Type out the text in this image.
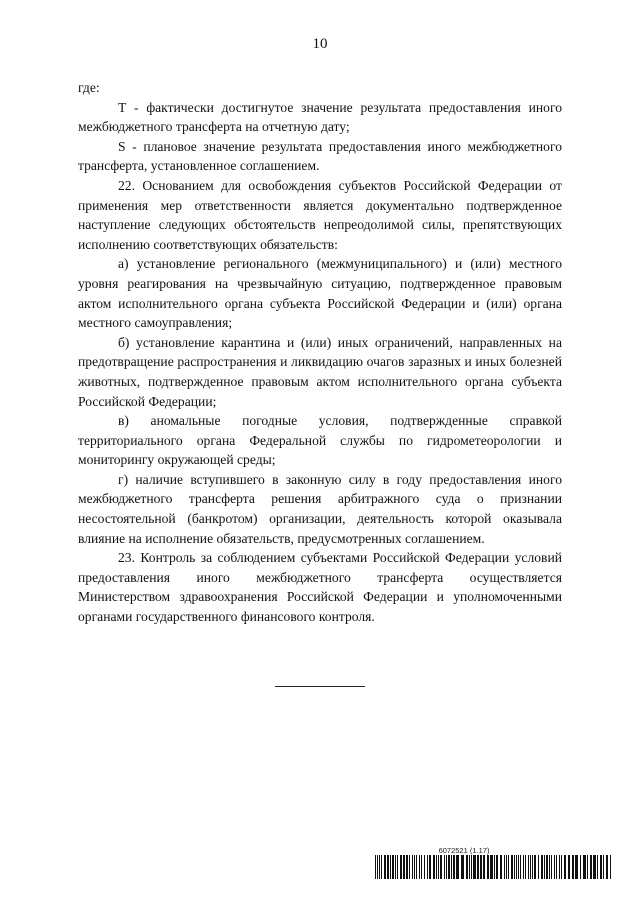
10

где:

Т - фактически достигнутое значение результата предоставления иного межбюджетного трансферта на отчетную дату;

S - плановое значение результата предоставления иного межбюджетного трансферта, установленное соглашением.

22. Основанием для освобождения субъектов Российской Федерации от применения мер ответственности является документально подтвержденное наступление следующих обстоятельств непреодолимой силы, препятствующих исполнению соответствующих обязательств:

а) установление регионального (межмуниципального) и (или) местного уровня реагирования на чрезвычайную ситуацию, подтвержденное правовым актом исполнительного органа субъекта Российской Федерации и (или) органа местного самоуправления;

б) установление карантина и (или) иных ограничений, направленных на предотвращение распространения и ликвидацию очагов заразных и иных болезней животных, подтвержденное правовым актом исполнительного органа субъекта Российской Федерации;

в) аномальные погодные условия, подтвержденные справкой территориального органа Федеральной службы по гидрометеорологии и мониторингу окружающей среды;

г) наличие вступившего в законную силу в году предоставления иного межбюджетного трансферта решения арбитражного суда о признании несостоятельной (банкротом) организации, деятельность которой оказывала влияние на исполнение обязательств, предусмотренных соглашением.

23. Контроль за соблюдением субъектами Российской Федерации условий предоставления иного межбюджетного трансферта осуществляется Министерством здравоохранения Российской Федерации и уполномоченными органами государственного финансового контроля.

6072521 (1.17)
